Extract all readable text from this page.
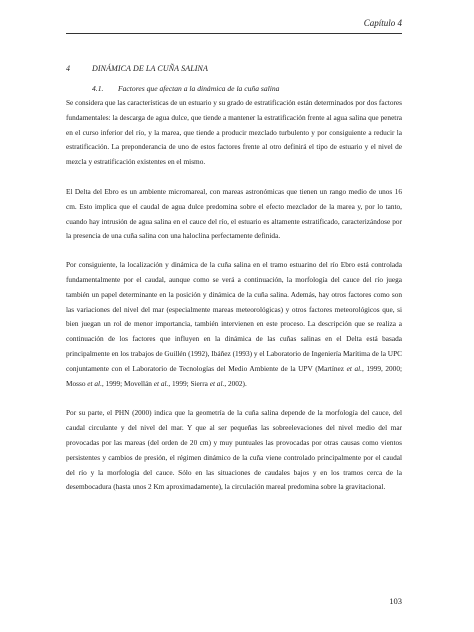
Capítulo 4
4	DINÁMICA DE LA CUÑA SALINA
4.1. Factores que afectan a la dinámica de la cuña salina

Se considera que las características de un estuario y su grado de estratificación están determinados por dos factores fundamentales: la descarga de agua dulce, que tiende a mantener la estratificación frente al agua salina que penetra en el curso inferior del río, y la marea, que tiende a producir mezclado turbulento y por consiguiente a reducir la estratificación. La preponderancia de uno de estos factores frente al otro definirá el tipo de estuario y el nivel de mezcla y estratificación existentes en el mismo.

El Delta del Ebro es un ambiente micromareal, con mareas astronómicas que tienen un rango medio de unos 16 cm. Esto implica que el caudal de agua dulce predomina sobre el efecto mezclador de la marea y, por lo tanto, cuando hay intrusión de agua salina en el cauce del río, el estuario es altamente estratificado, caracterizándose por la presencia de una cuña salina con una haloclina perfectamente definida.

Por consiguiente, la localización y dinámica de la cuña salina en el tramo estuarino del río Ebro está controlada fundamentalmente por el caudal, aunque como se verá a continuación, la morfología del cauce del río juega también un papel determinante en la posición y dinámica de la cuña salina. Además, hay otros factores como son las variaciones del nivel del mar (especialmente mareas meteorológicas) y otros factores meteorológicos que, si bien juegan un rol de menor importancia, también intervienen en este proceso. La descripción que se realiza a continuación de los factores que influyen en la dinámica de las cuñas salinas en el Delta está basada principalmente en los trabajos de Guillén (1992), Ibáñez (1993) y el Laboratorio de Ingeniería Marítima de la UPC conjuntamente con el Laboratorio de Tecnologías del Medio Ambiente de la UPV (Martínez et al., 1999, 2000; Mosso et al., 1999; Movellán et al., 1999; Sierra et al., 2002).

Por su parte, el PHN (2000) indica que la geometría de la cuña salina depende de la morfología del cauce, del caudal circulante y del nivel del mar. Y que al ser pequeñas las sobreelevaciones del nivel medio del mar provocadas por las mareas (del orden de 20 cm) y muy puntuales las provocadas por otras causas como vientos persistentes y cambios de presión, el régimen dinámico de la cuña viene controlado principalmente por el caudal del río y la morfología del cauce. Sólo en las situaciones de caudales bajos y en los tramos cerca de la desembocadura (hasta unos 2 Km aproximadamente), la circulación mareal predomina sobre la gravitacional.

103
